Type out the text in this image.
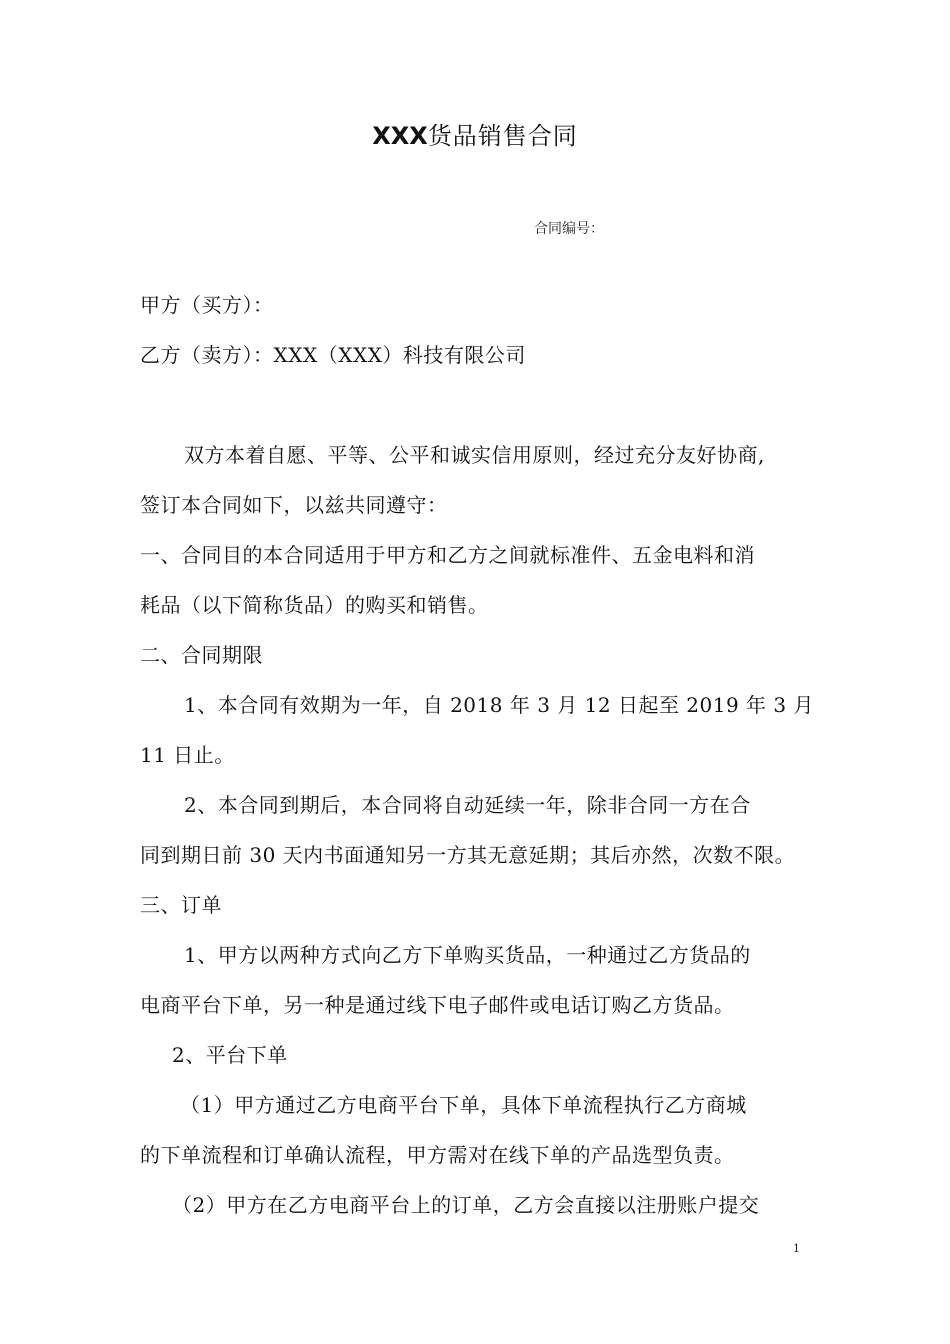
XXX货品销售合同
合同编号：
甲方（买方）：
乙方（卖方）：XXX（XXX）科技有限公司
双方本着自愿、平等、公平和诚实信用原则，经过充分友好协商,
签订本合同如下，以兹共同遵守：
一、合同目的本合同适用于甲方和乙方之间就标准件、五金电料和消
耗品（以下简称货品）的购买和销售。
二、合同期限
1、本合同有效期为一年，自 2018 年 3 月 12 日起至 2019 年 3 月
11 日止。
2、本合同到期后，本合同将自动延续一年，除非合同一方在合
同到期日前 30 天内书面通知另一方其无意延期；其后亦然，次数不限。
三、订单
1、甲方以两种方式向乙方下单购买货品，一种通过乙方货品的
电商平台下单，另一种是通过线下电子邮件或电话订购乙方货品。
2、平台下单
（1）甲方通过乙方电商平台下单，具体下单流程执行乙方商城
的下单流程和订单确认流程，甲方需对在线下单的产品选型负责。
（2）甲方在乙方电商平台上的订单，乙方会直接以注册账户提交
1
